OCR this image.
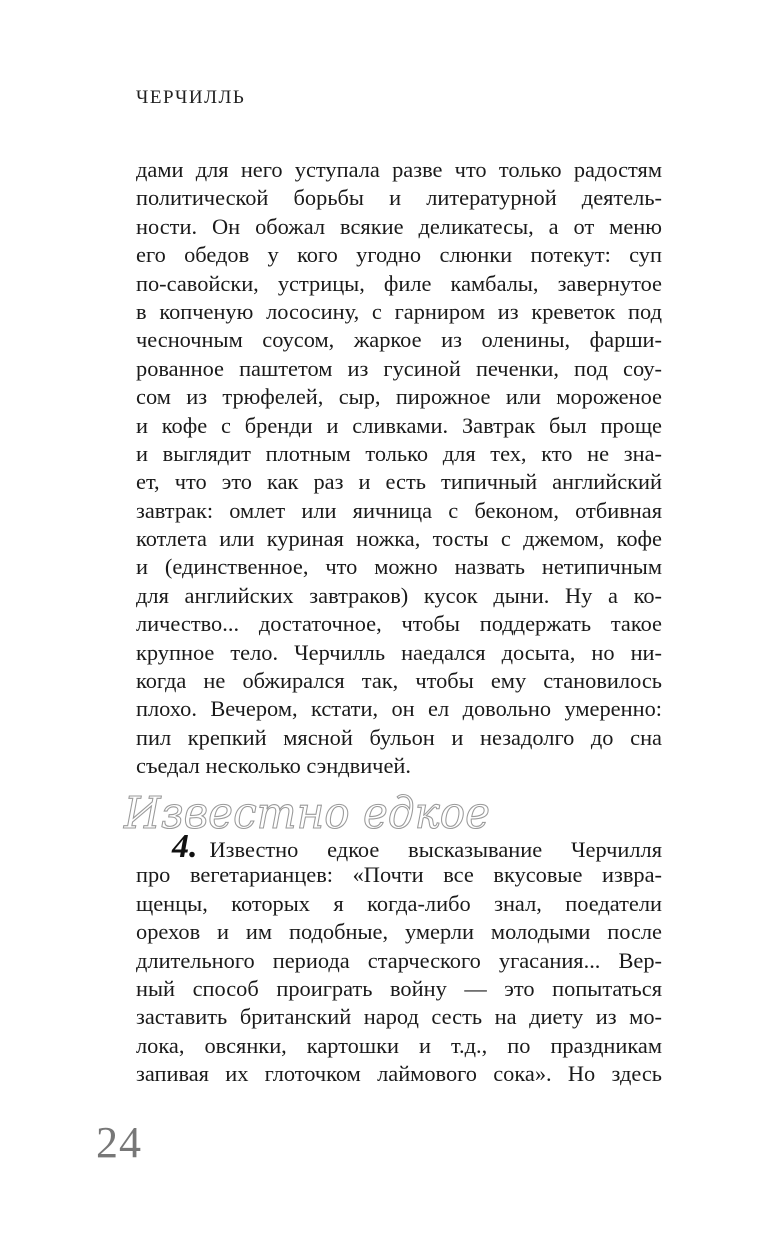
ЧЕРЧИЛЛЬ
дами для него уступала разве что только радостям
политической борьбы и литературной деятель-
ности. Он обожал всякие деликатесы, а от меню
его обедов у кого угодно слюнки потекут: суп
по-савойски, устрицы, филе камбалы, завернутое
в копченую лососину, с гарниром из креветок под
чесночным соусом, жаркое из оленины, фарши-
рованное паштетом из гусиной печенки, под соу-
сом из трюфелей, сыр, пирожное или мороженое
и кофе с бренди и сливками. Завтрак был проще
и выглядит плотным только для тех, кто не зна-
ет, что это как раз и есть типичный английский
завтрак: омлет или яичница с беконом, отбивная
котлета или куриная ножка, тосты с джемом, кофе
и (единственное, что можно назвать нетипичным
для английских завтраков) кусок дыни. Ну а ко-
личество... достаточное, чтобы поддержать такое
крупное тело. Черчилль наедался досыта, но ни-
когда не обжирался так, чтобы ему становилось
плохо. Вечером, кстати, он ел довольно умеренно:
пил крепкий мясной бульон и незадолго до сна
съедал несколько сэндвичей.
Известно едкое
4. Известно едкое высказывание Черчилля
про вегетарианцев: «Почти все вкусовые извра-
щенцы, которых я когда-либо знал, поедатели
орехов и им подобные, умерли молодыми после
длительного периода старческого угасания... Вер-
ный способ проиграть войну — это попытаться
заставить британский народ сесть на диету из мо-
лока, овсянки, картошки и т.д., по праздникам
запивая их глоточком лаймового сока». Но здесь
24
